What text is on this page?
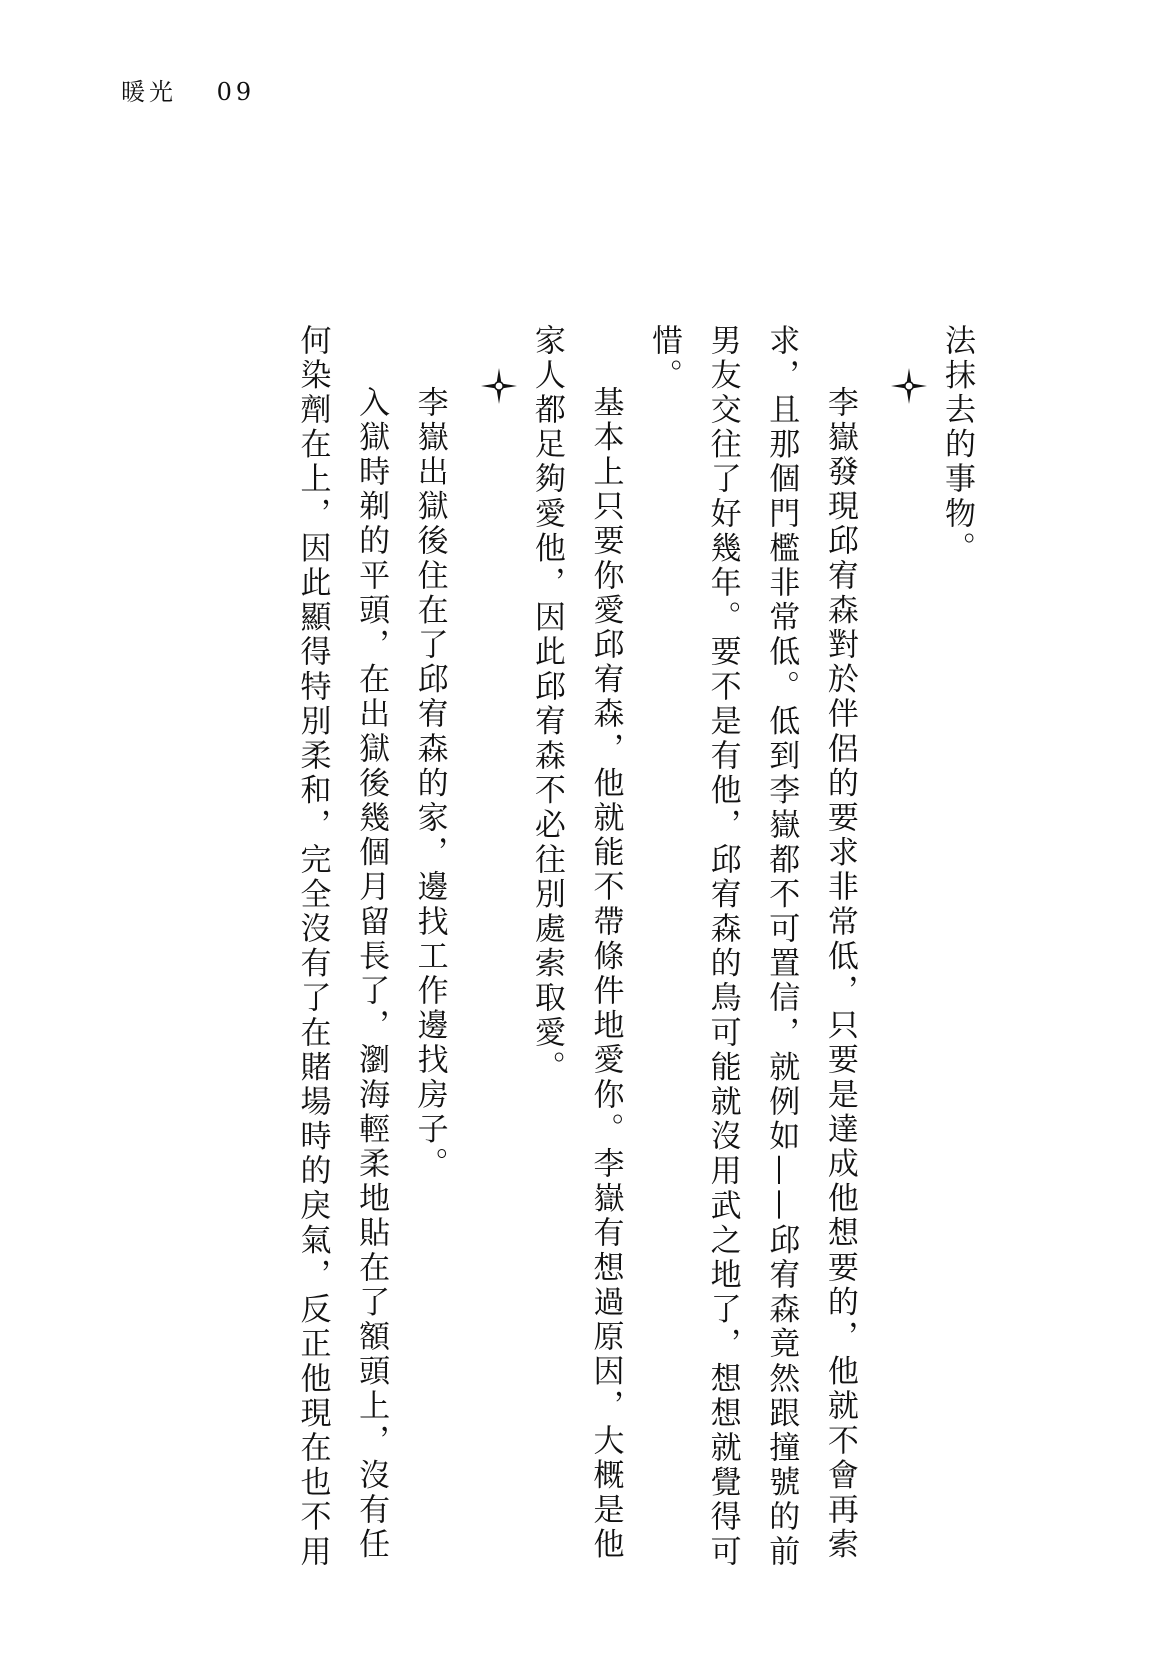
暖光 09

法抹去的事物。

李嶽發現邱宥森對於伴侶的要求非常低，只要是達成他想要的，他就不會再索求，且那個門檻非常低。低到李嶽都不可置信，就例如——邱宥森竟然跟撞號的前男友交往了好幾年。要不是有他，邱宥森的鳥可能就沒用武之地了，想想就覺得可惜。

基本上只要你愛邱宥森，他就能不帶條件地愛你。李嶽有想過原因，大概是他家人都足夠愛他，因此邱宥森不必往別處索取愛。

李嶽出獄後住在了邱宥森的家，邊找工作邊找房子。

入獄時剃的平頭，在出獄後幾個月留長了，瀏海輕柔地貼在了額頭上，沒有任何染劑在上，因此顯得特別柔和，完全沒有了在賭場時的戾氣，反正他現在也不用
